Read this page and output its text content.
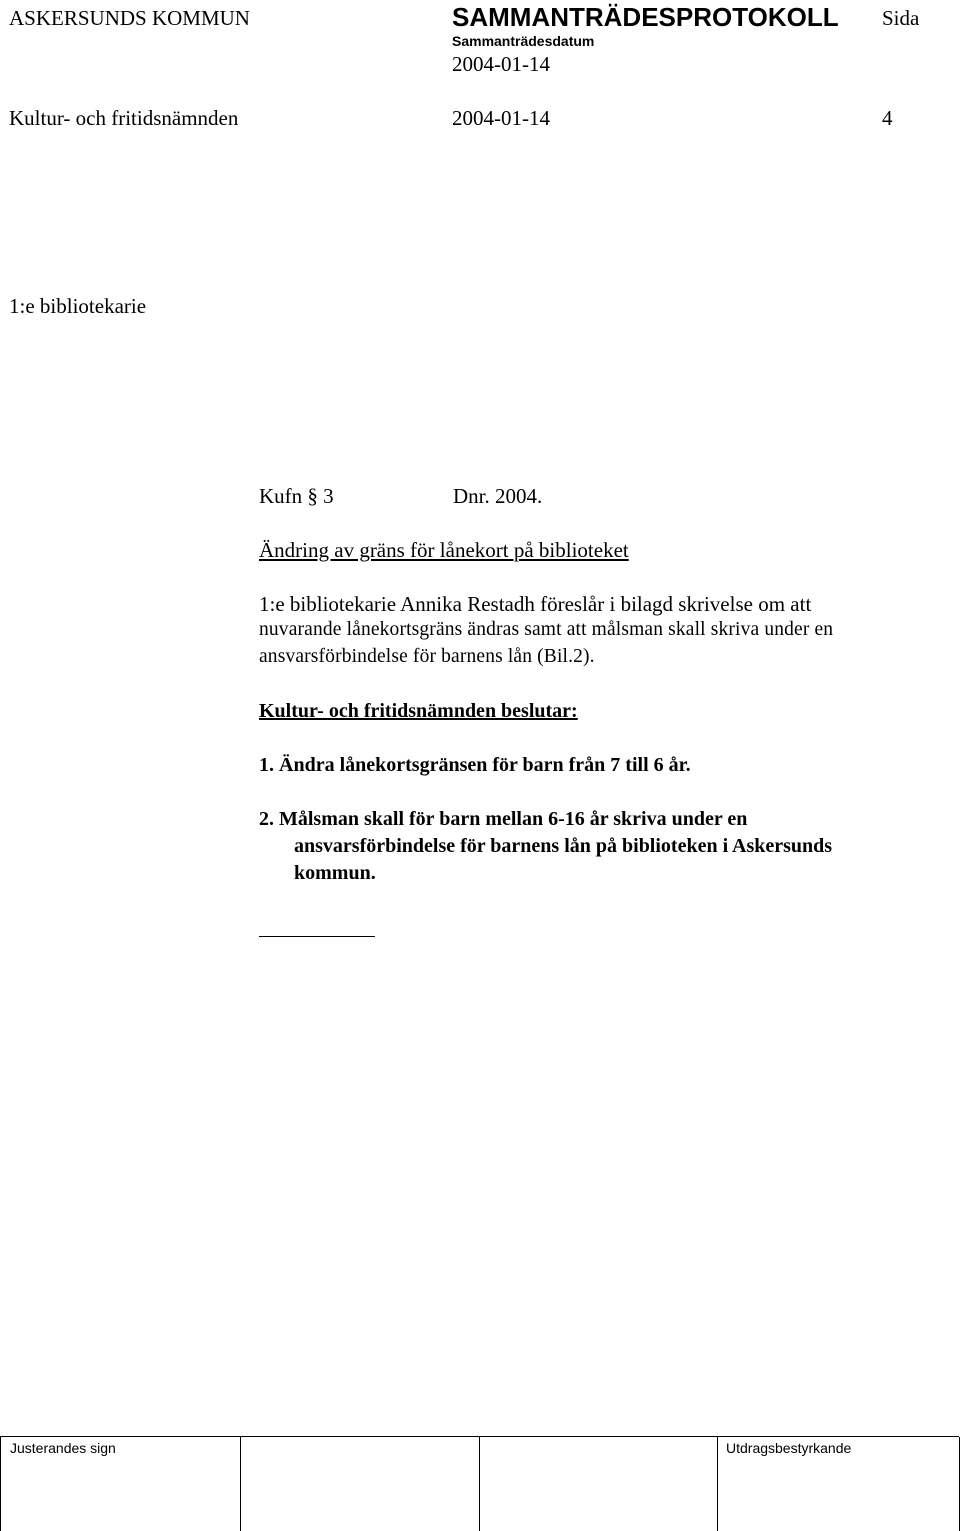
ASKERSUNDS KOMMUN	SAMMANTRÄDESPROTOKOLL Sida
Sammanträdesdatum
2004-01-14
Kultur- och fritidsnämnden	2004-01-14	4
1:e bibliotekarie
Kufn § 3	Dnr. 2004.
Ändring av gräns för lånekort på biblioteket
1:e bibliotekarie Annika Restadh föreslår i bilagd skrivelse om att
nuvarande lånekortsgräns ändras samt att målsman skall skriva under en
ansvarsförbindelse för barnens lån (Bil.2).
Kultur- och fritidsnämnden beslutar:
1. Ändra lånekortsgränsen för barn från 7 till 6 år.
2. Målsman skall för barn mellan 6-16 år skriva under en
ansvarsförbindelse för barnens lån på biblioteken i Askersunds
kommun.
Justerandes sign	Utdragsbestyrkande
